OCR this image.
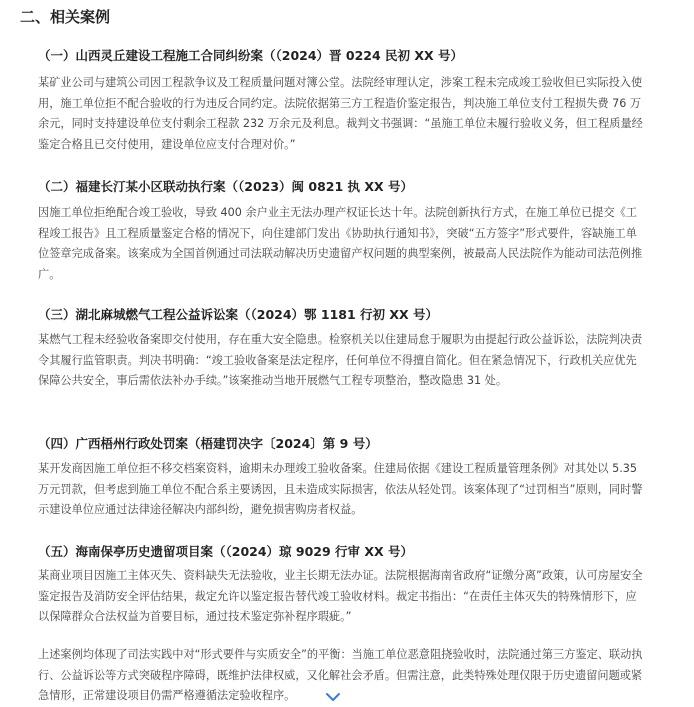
二、相关案例
（一）山西灵丘建设工程施工合同纠纷案（（2024）晋 0224 民初 XX 号）

某矿业公司与建筑公司因工程款争议及工程质量问题对簿公堂。法院经审理认定，涉案工程未完成竣工验收但已实际投入使用，施工单位拒不配合验收的行为违反合同约定。法院依据第三方工程造价鉴定报告，判决施工单位支付工程损失费 76 万余元，同时支持建设单位支付剩余工程款 232 万余元及利息。裁判文书强调：“虽施工单位未履行验收义务，但工程质量经鉴定合格且已交付使用，建设单位应支付合理对价。”

（二）福建长汀某小区联动执行案（（2023）闽 0821 执 XX 号）

因施工单位拒绝配合竣工验收，导致 400 余户业主无法办理产权证长达十年。法院创新执行方式，在施工单位已提交《工程竣工报告》且工程质量鉴定合格的情况下，向住建部门发出《协助执行通知书》，突破“五方签字”形式要件，容缺施工单位签章完成备案。该案成为全国首例通过司法联动解决历史遗留产权问题的典型案例，被最高人民法院作为能动司法范例推广。

（三）湖北麻城燃气工程公益诉讼案（（2024）鄂 1181 行初 XX 号）

某燃气工程未经验收备案即交付使用，存在重大安全隐患。检察机关以住建局怠于履职为由提起行政公益诉讼，法院判决责令其履行监管职责。判决书明确：“竣工验收备案是法定程序，任何单位不得擅自简化。但在紧急情况下，行政机关应优先保障公共安全，事后需依法补办手续。”该案推动当地开展燃气工程专项整治，整改隐患 31 处。

（四）广西梧州行政处罚案（梧建罚决字〔2024〕第 9 号）

某开发商因施工单位拒不移交档案资料，逾期未办理竣工验收备案。住建局依据《建设工程质量管理条例》对其处以 5.35 万元罚款，但考虑到施工单位不配合系主要诱因，且未造成实际损害，依法从轻处罚。该案体现了“过罚相当”原则，同时警示建设单位应通过法律途径解决内部纠纷，避免损害购房者权益。

（五）海南保亭历史遗留项目案（（2024）琼 9029 行审 XX 号）

某商业项目因施工主体灭失、资料缺失无法验收，业主长期无法办证。法院根据海南省政府“证缴分离”政策，认可房屋安全鉴定报告及消防安全评估结果，裁定允许以鉴定报告替代竣工验收材料。裁定书指出：“在责任主体灭失的特殊情形下，应以保障群众合法权益为首要目标，通过技术鉴定弥补程序瑕疵。”

上述案例均体现了司法实践中对“形式要件与实质安全”的平衡：当施工单位恶意阻挠验收时，法院通过第三方鉴定、联动执行、公益诉讼等方式突破程序障碍，既维护法律权威，又化解社会矛盾。但需注意，此类特殊处理仅限于历史遗留问题或紧急情形，正常建设项目仍需严格遵循法定验收程序。
